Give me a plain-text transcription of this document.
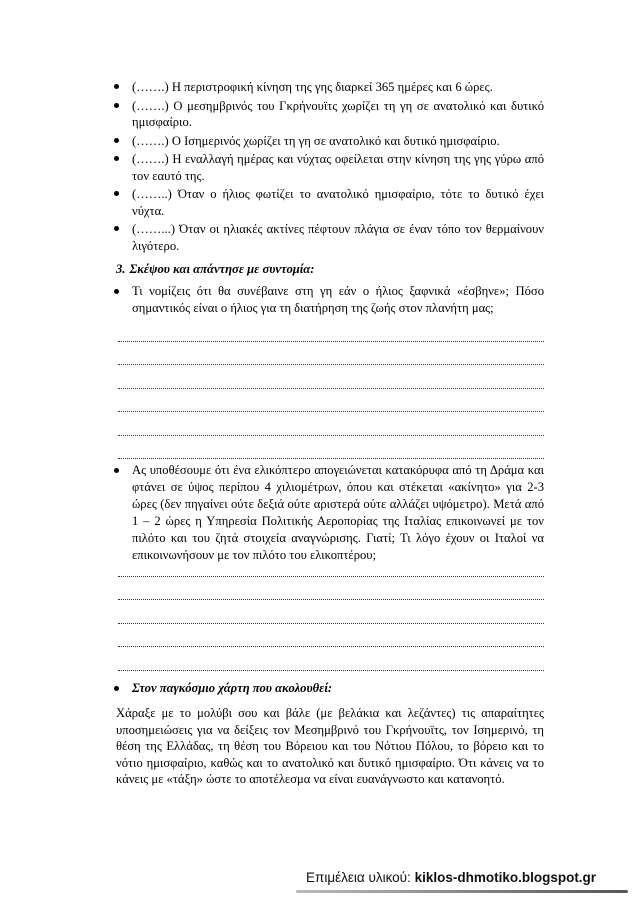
(…….) Η περιστροφική κίνηση της γης διαρκεί 365 ημέρες και 6 ώρες.
(…….) Ο μεσημβρινός του Γκρήνουϊτς χωρίζει τη γη σε ανατολικό και δυτικό ημισφαίριο.
(…….) Ο Ισημερινός χωρίζει τη γη σε ανατολικό και δυτικό ημισφαίριο.
(…….) Η εναλλαγή ημέρας και νύχτας οφείλεται στην κίνηση της γης γύρω από τον εαυτό της.
(……..) Όταν ο ήλιος φωτίζει το ανατολικό ημισφαίριο, τότε το δυτικό έχει νύχτα.
(……...) Όταν οι ηλιακές ακτίνες πέφτουν πλάγια σε έναν τόπο τον θερμαίνουν λιγότερο.
3. Σκέψου και απάντησε με συντομία:
Τι νομίζεις ότι θα συνέβαινε στη γη εάν ο ήλιος ξαφνικά «έσβηνε»; Πόσο σημαντικός είναι ο ήλιος για τη διατήρηση της ζωής στον πλανήτη μας;
Ας υποθέσουμε ότι ένα ελικόπτερο απογειώνεται κατακόρυφα από τη Δράμα και φτάνει σε ύψος περίπου 4 χιλιομέτρων, όπου και στέκεται «ακίνητο» για 2-3 ώρες (δεν πηγαίνει ούτε δεξιά ούτε αριστερά ούτε αλλάζει υψόμετρο). Μετά από 1 – 2 ώρες η Υπηρεσία Πολιτικής Αεροπορίας της Ιταλίας επικοινωνεί με τον πιλότο και του ζητά στοιχεία αναγνώρισης. Γιατί; Τι λόγο έχουν οι Ιταλοί να επικοινωνήσουν με τον πιλότο του ελικοπτέρου;
Στον παγκόσμιο χάρτη που ακολουθεί:
Χάραξε με το μολύβι σου και βάλε (με βελάκια και λεζάντες) τις απαραίτητες υποσημειώσεις για να δείξεις τον Μεσημβρινό του Γκρήνουϊτς, τον Ισημερινό, τη θέση της Ελλάδας, τη θέση του Βόρειου και του Νότιου Πόλου, το βόρειο και το νότιο ημισφαίριο, καθώς και το ανατολικό και δυτικό ημισφαίριο. Ότι κάνεις να το κάνεις με «τάξη» ώστε το αποτέλεσμα να είναι ευανάγνωστο και κατανοητό.
Επιμέλεια υλικού: kiklos-dhmotiko.blogspot.gr
